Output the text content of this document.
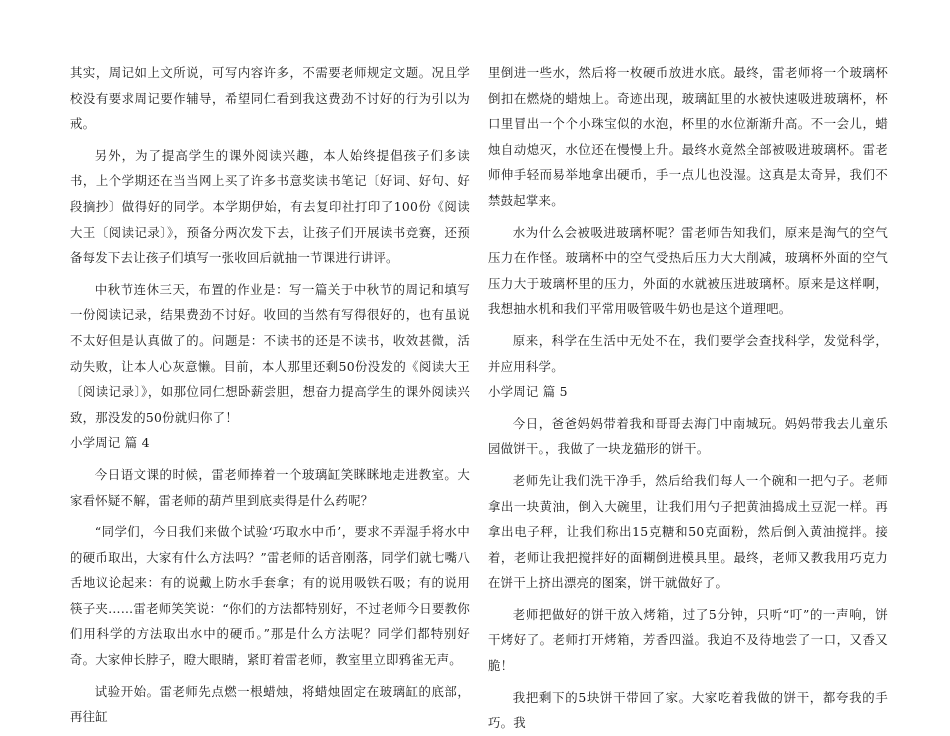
其实，周记如上文所说，可写内容许多，不需要老师规定文题。况且学校没有要求周记要作辅导，希望同仁看到我这费劲不讨好的行为引以为戒。

另外，为了提高学生的课外阅读兴趣，本人始终提倡孩子们多读书，上个学期还在当当网上买了许多书意奖读书笔记〔好词、好句、好段摘抄〕做得好的同学。本学期伊始，有去复印社打印了100份《阅读大王〔阅读记录〕》，预备分两次发下去，让孩子们开展读书竞赛，还预备每发下去让孩子们填写一张收回后就抽一节课进行讲评。

中秋节连休三天，布置的作业是：写一篇关于中秋节的周记和填写一份阅读记录，结果费劲不讨好。收回的当然有写得很好的，也有虽说不太好但是认真做了的。问题是：不读书的还是不读书，收效甚微，活动失败，让本人心灰意懒。目前，本人那里还剩50份没发的《阅读大王〔阅读记录〕》，如那位同仁想卧薪尝胆，想奋力提高学生的课外阅读兴致，那没发的50份就归你了！

小学周记 篇 4

今日语文课的时候，雷老师捧着一个玻璃缸笑眯眯地走进教室。大家看怀疑不解，雷老师的葫芦里到底卖得是什么药呢？

“同学们，今日我们来做个试验‘巧取水中币’，要求不弄湿手将水中的硬币取出，大家有什么方法吗？”雷老师的话音刚落，同学们就七嘴八舌地议论起来：有的说戴上防水手套拿；有的说用吸铁石吸；有的说用筷子夹……雷老师笑笑说：“你们的方法都特别好，不过老师今日要教你们用科学的方法取出水中的硬币。”那是什么方法呢？同学们都特别好奇。大家伸长脖子，瞪大眼睛，紧盯着雷老师，教室里立即鸦雀无声。

试验开始。雷老师先点燃一根蜡烛，将蜡烛固定在玻璃缸的底部，再往缸

里倒进一些水，然后将一枚硬币放进水底。最终，雷老师将一个玻璃杯倒扣在燃烧的蜡烛上。奇迹出现，玻璃缸里的水被快速吸进玻璃杯，杯口里冒出一个个小珠宝似的水泡，杯里的水位渐渐升高。不一会儿，蜡烛自动熄灭，水位还在慢慢上升。最终水竟然全部被吸进玻璃杯。雷老师伸手轻而易举地拿出硬币，手一点儿也没湿。这真是太奇异，我们不禁鼓起掌来。

水为什么会被吸进玻璃杯呢？雷老师告知我们，原来是淘气的空气压力在作怪。玻璃杯中的空气受热后压力大大削减，玻璃杯外面的空气压力大于玻璃杯里的压力，外面的水就被压进玻璃杯。原来是这样啊，我想抽水机和我们平常用吸管吸牛奶也是这个道理吧。

原来，科学在生活中无处不在，我们要学会查找科学，发觉科学，并应用科学。

小学周记 篇 5

今日，爸爸妈妈带着我和哥哥去海门中南城玩。妈妈带我去儿童乐园做饼干。，我做了一块龙猫形的饼干。

老师先让我们洗干净手，然后给我们每人一个碗和一把勺子。老师拿出一块黄油，倒入大碗里，让我们用勺子把黄油捣成土豆泥一样。再拿出电子秤，让我们称出15克糖和50克面粉，然后倒入黄油搅拌。接着，老师让我把搅拌好的面糊倒进模具里。最终，老师又教我用巧克力在饼干上挤出漂亮的图案，饼干就做好了。

老师把做好的饼干放入烤箱，过了5分钟，只听“叮”的一声响，饼干烤好了。老师打开烤箱，芳香四溢。我迫不及待地尝了一口，又香又脆！

我把剩下的5块饼干带回了家。大家吃着我做的饼干，都夸我的手巧。我
